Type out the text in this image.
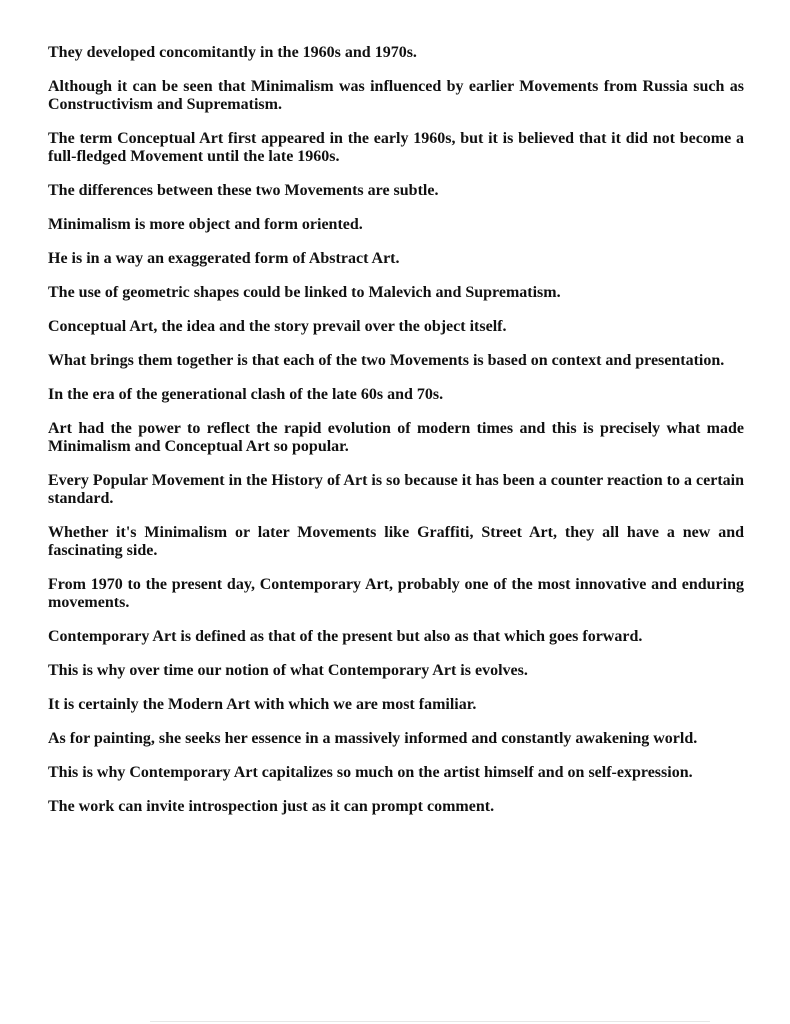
They developed concomitantly in the 1960s and 1970s.

Although it can be seen that Minimalism was influenced by earlier Movements from Russia such as Constructivism and Suprematism.

The term Conceptual Art first appeared in the early 1960s, but it is believed that it did not become a full-fledged Movement until the late 1960s.

The differences between these two Movements are subtle.

Minimalism is more object and form oriented.

He is in a way an exaggerated form of Abstract Art.

The use of geometric shapes could be linked to Malevich and Suprematism.

Conceptual Art, the idea and the story prevail over the object itself.

What brings them together is that each of the two Movements is based on context and presentation.

In the era of the generational clash of the late 60s and 70s.

Art had the power to reflect the rapid evolution of modern times and this is precisely what made Minimalism and Conceptual Art so popular.

Every Popular Movement in the History of Art is so because it has been a counter reaction to a certain standard.

Whether it's Minimalism or later Movements like Graffiti, Street Art, they all have a new and fascinating side.

From 1970 to the present day, Contemporary Art, probably one of the most innovative and enduring movements.

Contemporary Art is defined as that of the present but also as that which goes forward.

This is why over time our notion of what Contemporary Art is evolves.

It is certainly the Modern Art with which we are most familiar.

As for painting, she seeks her essence in a massively informed and constantly awakening world.

This is why Contemporary Art capitalizes so much on the artist himself and on self-expression.

The work can invite introspection just as it can prompt comment.
